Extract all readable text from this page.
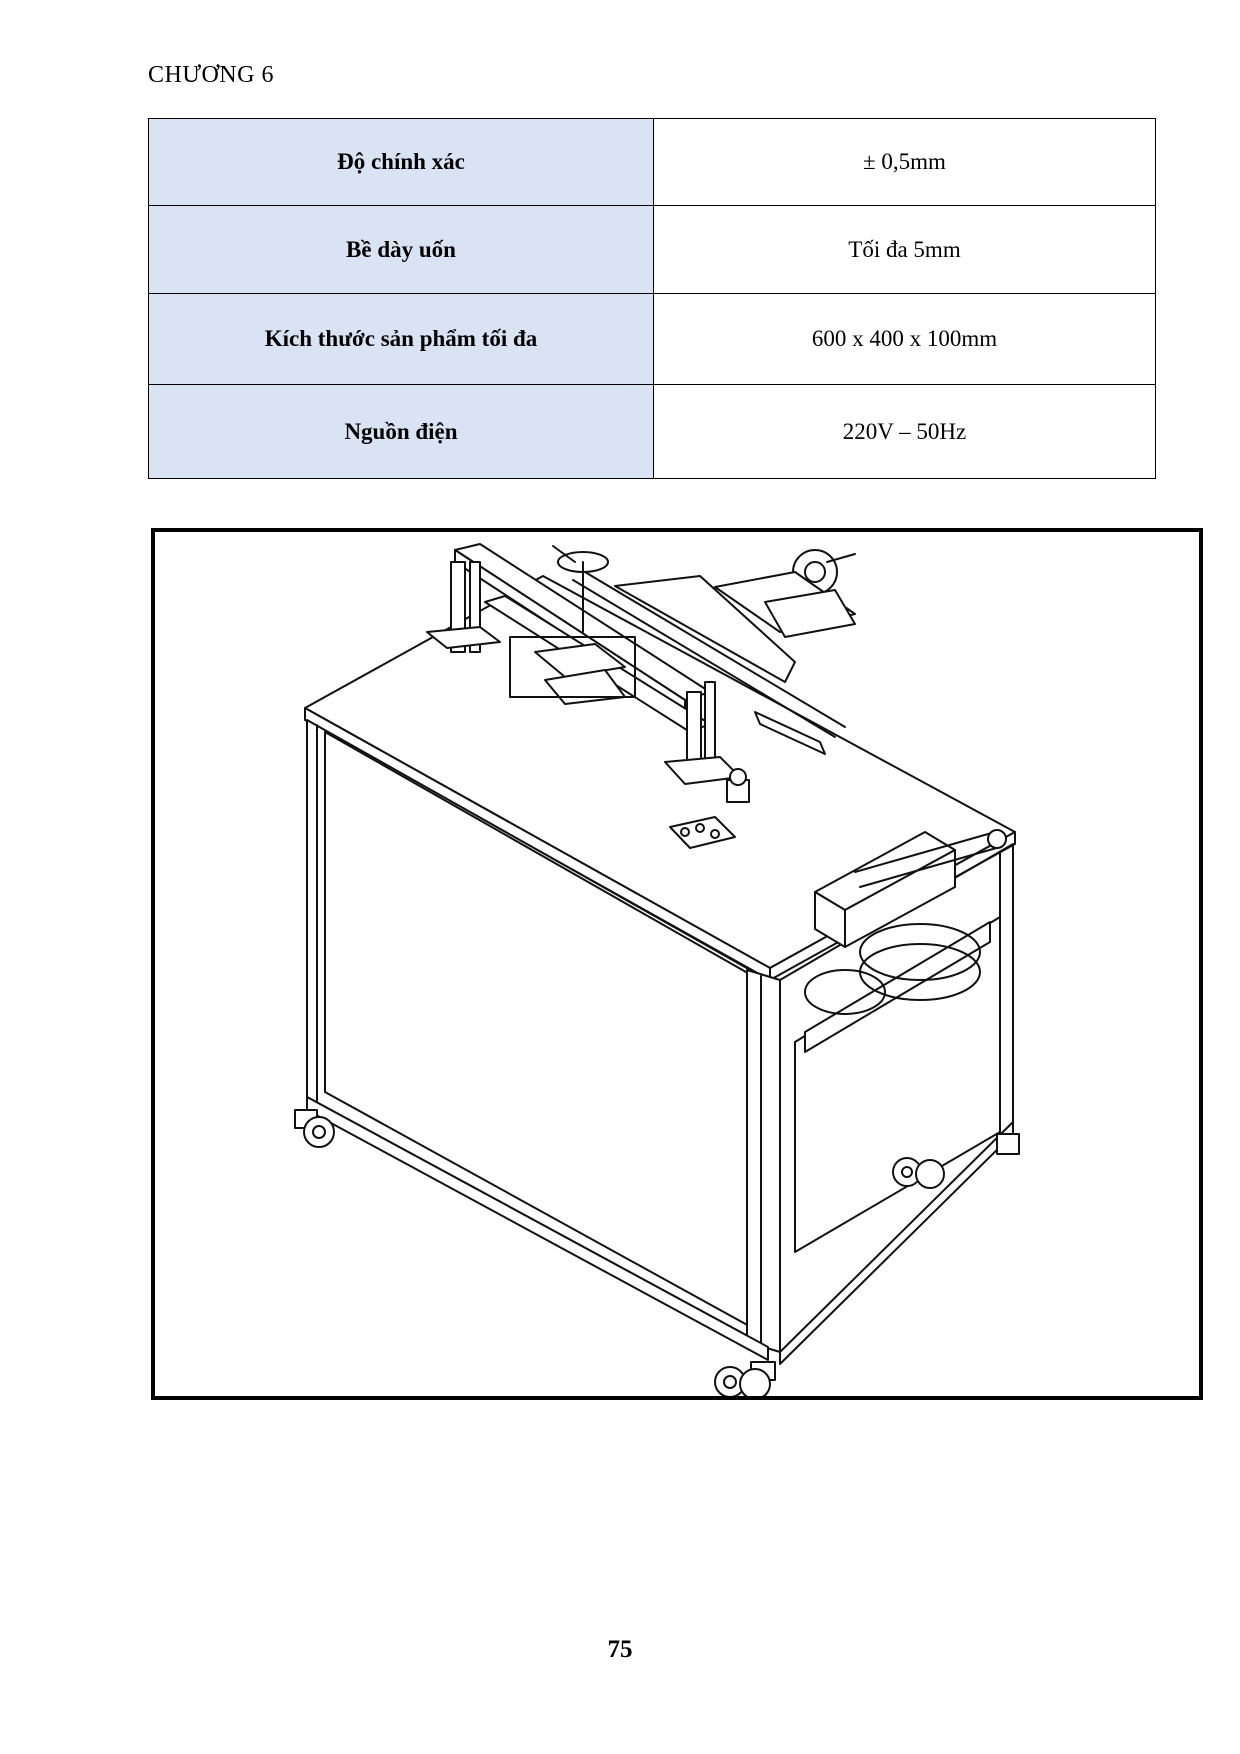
CHƯƠNG 6
Độ chính xác	± 0,5mm
Bề dày uốn	Tối đa 5mm
Kích thước sản phẩm tối đa	600 x 400 x 100mm
Nguồn điện	220V – 50Hz
75
